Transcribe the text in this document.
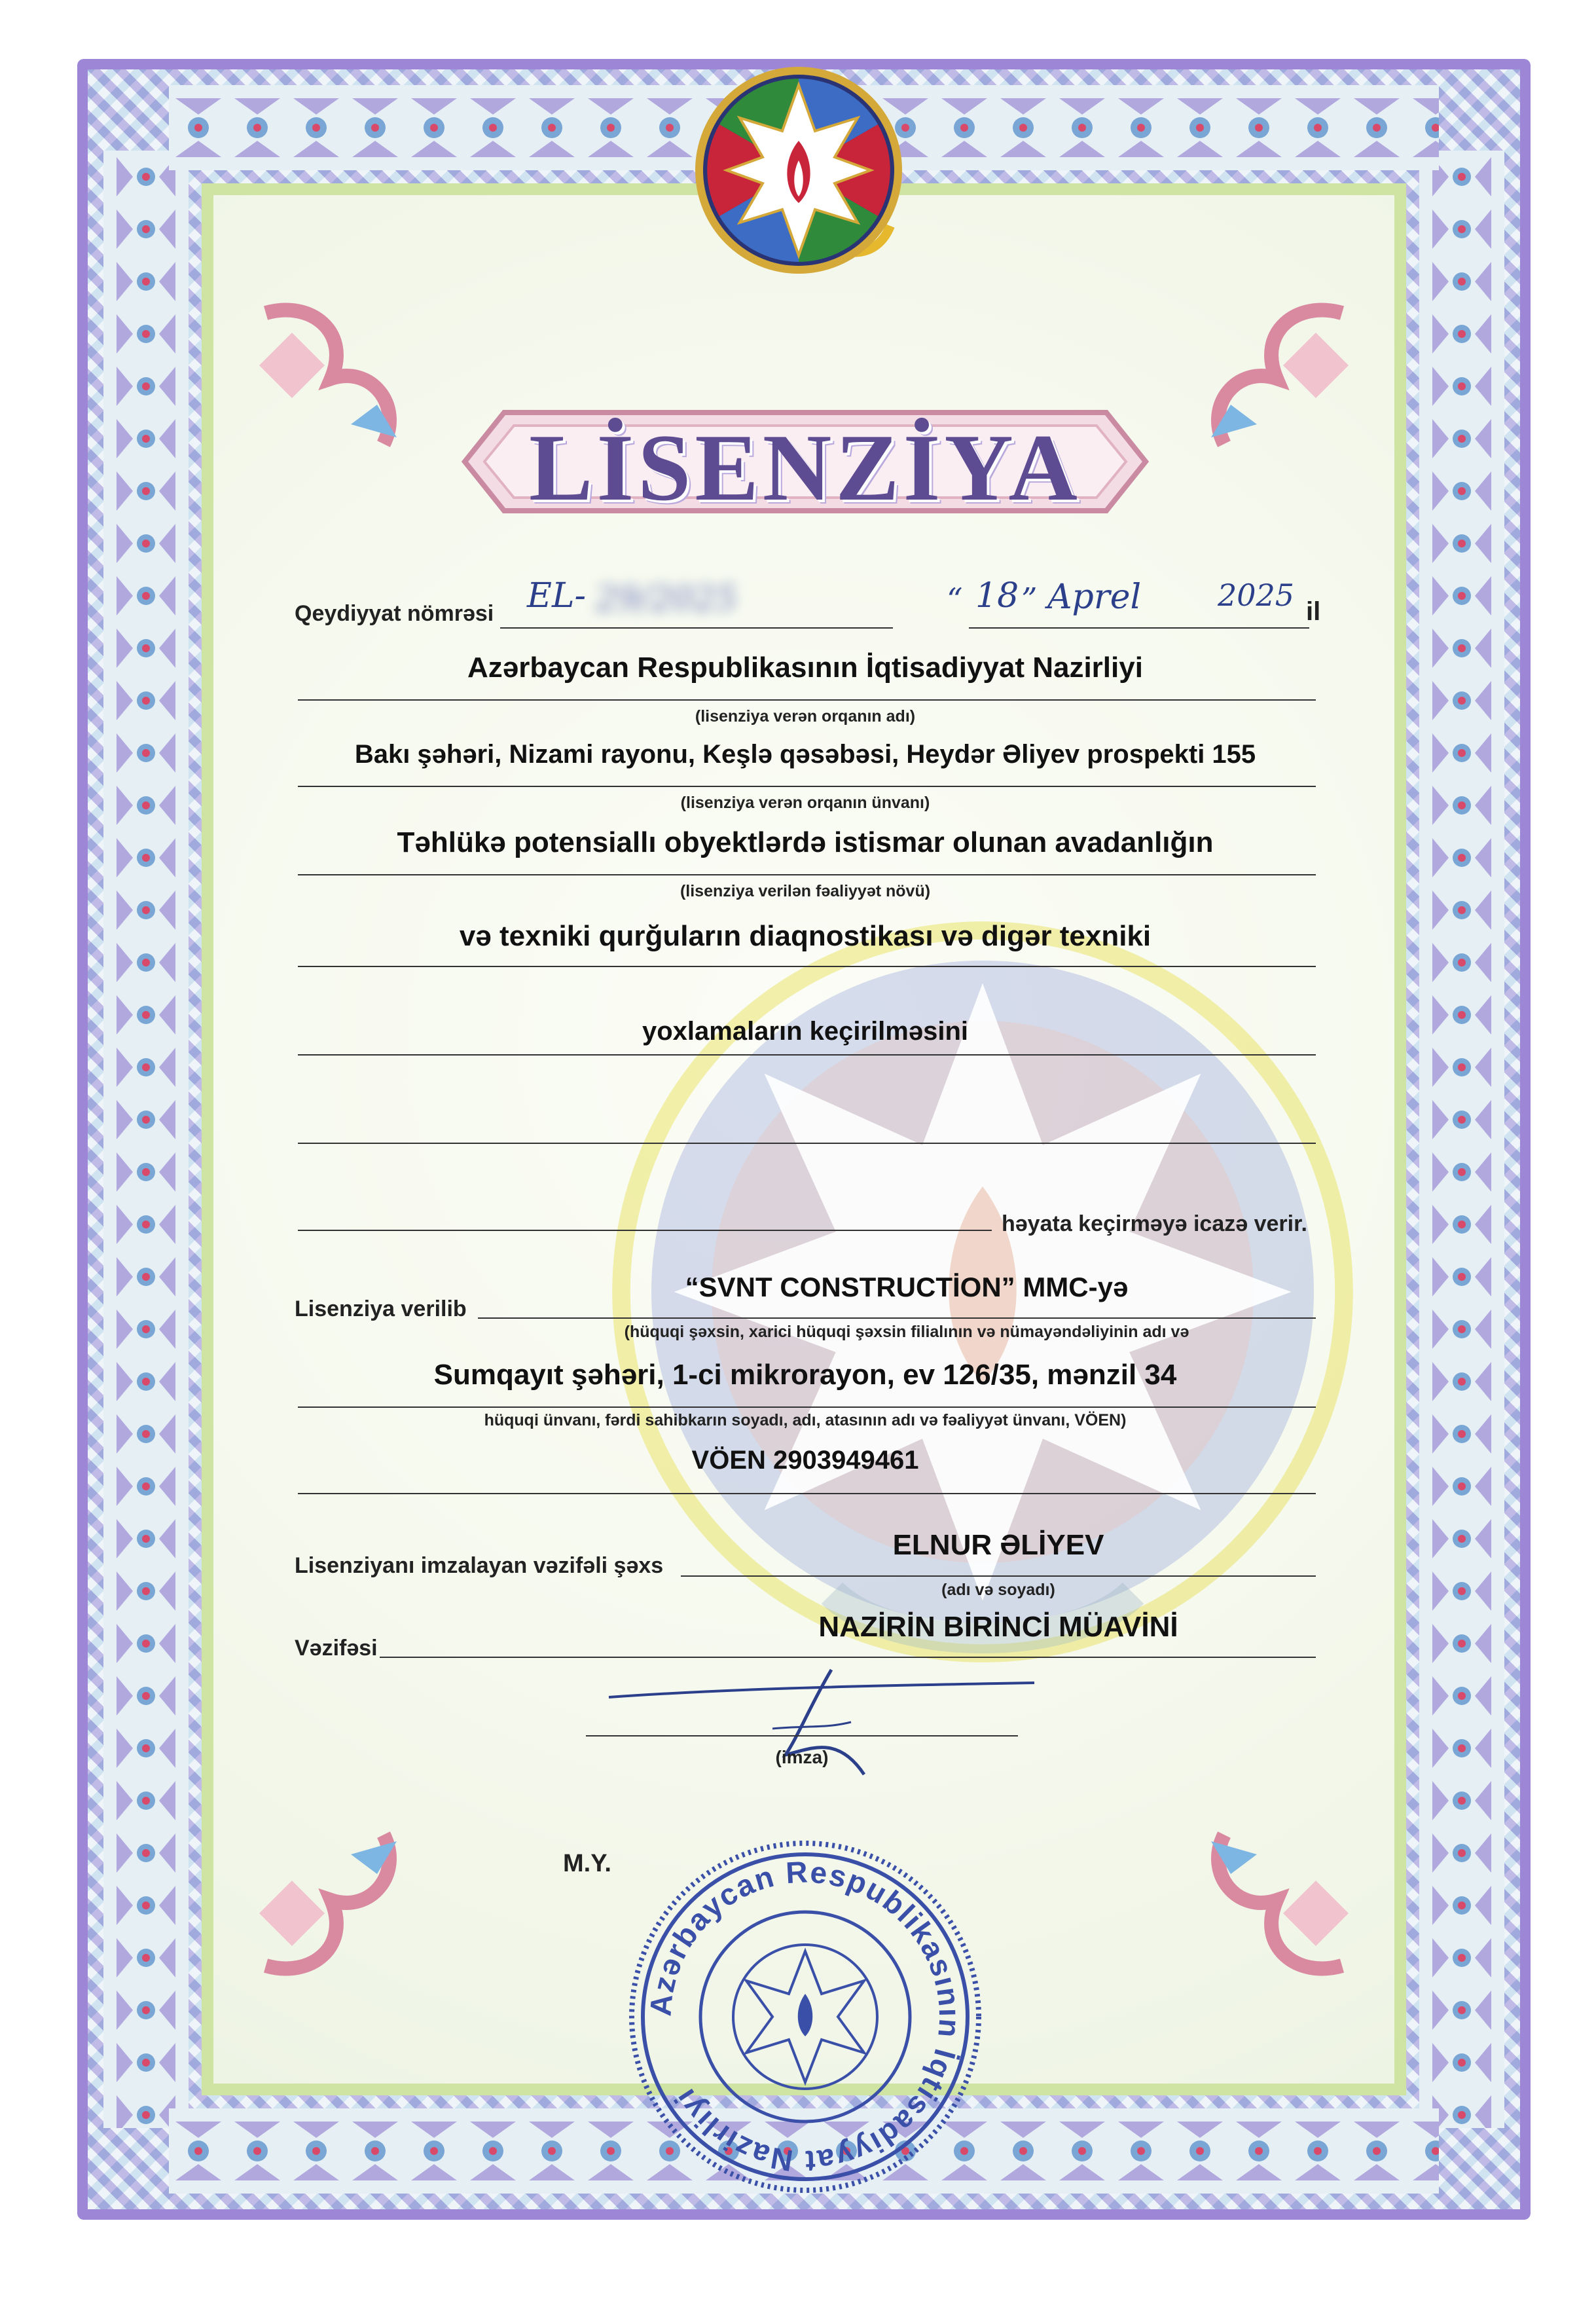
LİSENZİYA
Qeydiyyat nömrəsi EL- 29/2025	“ 18 ” Aprel	2025 il
Azərbaycan Respublikasının İqtisadiyyat Nazirliyi
(lisenziya verən orqanın adı)
Bakı şəhəri, Nizami rayonu, Keşlə qəsəbəsi, Heydər Əliyev prospekti 155
(lisenziya verən orqanın ünvanı)
Təhlükə potensiallı obyektlərdə istismar olunan avadanlığın
(lisenziya verilən fəaliyyət növü)
və texniki qurğuların diaqnostikası və digər texniki
yoxlamaların keçirilməsini
həyata keçirməyə icazə verir.
Lisenziya verilib
“SVNT CONSTRUCTİON” MMC-yə
(hüquqi şəxsin, xarici hüquqi şəxsin filialının və nümayəndəliyinin adı və
Sumqayıt şəhəri, 1-ci mikrorayon, ev 126/35, mənzil 34
hüquqi ünvanı, fərdi sahibkarın soyadı, adı, atasının adı və fəaliyyət ünvanı, VÖEN)
VÖEN 2903949461
Lisenziyanı imzalayan vəzifəli şəxs
ELNUR ƏLİYEV
(adı və soyadı)
Vəzifəsi
NAZİRİN BİRİNCİ MÜAVİNİ
(imza)
M.Y.
Azərbaycan Respublikasının İqtisadiyyat Nazirliyi
